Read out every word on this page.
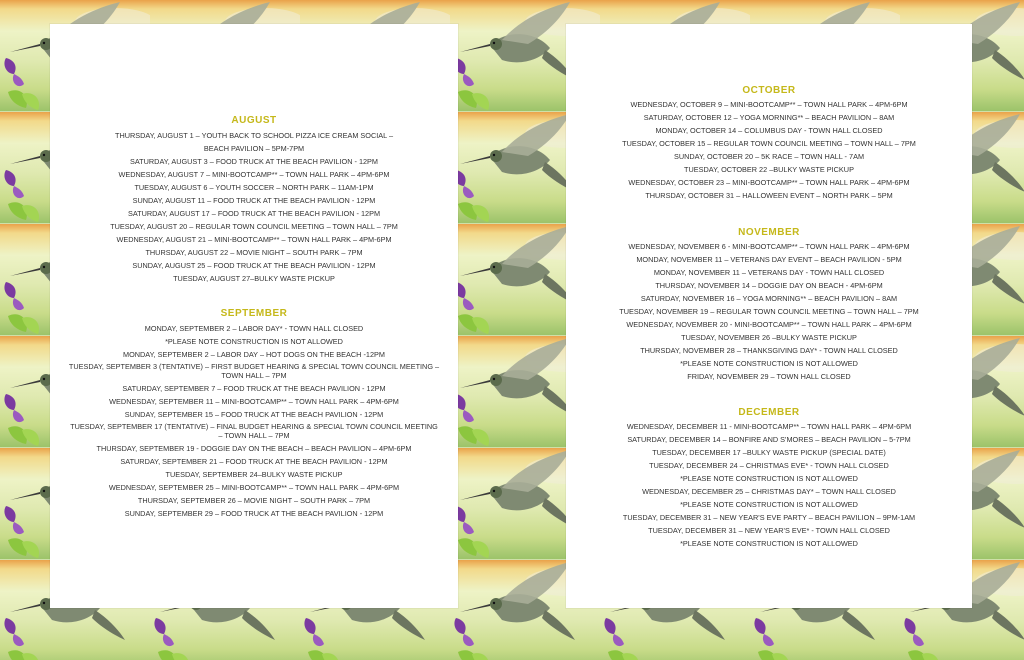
AUGUST

THURSDAY, AUGUST 1 – YOUTH BACK TO SCHOOL PIZZA ICE CREAM SOCIAL –

BEACH PAVILION – 5PM-7PM

SATURDAY, AUGUST 3 – FOOD TRUCK AT THE BEACH PAVILION - 12PM

WEDNESDAY, AUGUST 7 – MINI-BOOTCAMP** – TOWN HALL PARK – 4PM-6PM

TUESDAY, AUGUST 6 – YOUTH SOCCER – NORTH PARK – 11AM-1PM

SUNDAY, AUGUST 11 – FOOD TRUCK AT THE BEACH PAVILION - 12PM

SATURDAY, AUGUST 17 – FOOD TRUCK AT THE BEACH PAVILION - 12PM

TUESDAY, AUGUST 20 – REGULAR TOWN COUNCIL MEETING – TOWN HALL – 7PM

WEDNESDAY, AUGUST 21 – MINI-BOOTCAMP** – TOWN HALL PARK – 4PM-6PM

THURSDAY, AUGUST 22 – MOVIE NIGHT – SOUTH PARK – 7PM

SUNDAY, AUGUST 25 – FOOD TRUCK AT THE BEACH PAVILION - 12PM

TUESDAY, AUGUST 27–BULKY WASTE PICKUP

SEPTEMBER

MONDAY, SEPTEMBER 2 – LABOR DAY* - TOWN HALL CLOSED

*PLEASE NOTE CONSTRUCTION IS NOT ALLOWED

MONDAY, SEPTEMBER 2 – LABOR DAY – HOT DOGS ON THE BEACH -12PM

TUESDAY, SEPTEMBER 3 (TENTATIVE) – FIRST BUDGET HEARING & SPECIAL TOWN COUNCIL MEETING – TOWN HALL – 7PM

SATURDAY, SEPTEMBER 7 – FOOD TRUCK AT THE BEACH PAVILION - 12PM

WEDNESDAY, SEPTEMBER 11 – MINI-BOOTCAMP** – TOWN HALL PARK – 4PM-6PM

SUNDAY, SEPTEMBER 15 – FOOD TRUCK AT THE BEACH PAVILION - 12PM

TUESDAY, SEPTEMBER 17 (TENTATIVE) – FINAL BUDGET HEARING & SPECIAL TOWN COUNCIL MEETING – TOWN HALL – 7PM

THURSDAY, SEPTEMBER 19 - DOGGIE DAY ON THE BEACH – BEACH PAVILION – 4PM-6PM

SATURDAY, SEPTEMBER 21 – FOOD TRUCK AT THE BEACH PAVILION - 12PM

TUESDAY, SEPTEMBER 24–BULKY WASTE PICKUP

WEDNESDAY, SEPTEMBER 25 – MINI-BOOTCAMP** – TOWN HALL PARK – 4PM-6PM

THURSDAY, SEPTEMBER 26 – MOVIE NIGHT – SOUTH PARK – 7PM

SUNDAY, SEPTEMBER 29 – FOOD TRUCK AT THE BEACH PAVILION - 12PM

OCTOBER

WEDNESDAY, OCTOBER 9 – MINI-BOOTCAMP** – TOWN HALL PARK – 4PM-6PM

SATURDAY, OCTOBER 12 – YOGA MORNING** – BEACH PAVILION – 8AM

MONDAY, OCTOBER 14 – COLUMBUS DAY - TOWN HALL CLOSED

TUESDAY, OCTOBER 15 – REGULAR TOWN COUNCIL MEETING – TOWN HALL – 7PM

SUNDAY, OCTOBER 20 – 5K RACE – TOWN HALL - 7AM

TUESDAY, OCTOBER 22 –BULKY WASTE PICKUP

WEDNESDAY, OCTOBER 23 – MINI-BOOTCAMP** – TOWN HALL PARK – 4PM-6PM

THURSDAY, OCTOBER 31 – HALLOWEEN EVENT – NORTH PARK – 5PM

NOVEMBER

WEDNESDAY, NOVEMBER 6 - MINI-BOOTCAMP** – TOWN HALL PARK – 4PM-6PM

MONDAY, NOVEMBER 11 – VETERANS DAY EVENT – BEACH PAVILION - 5PM

MONDAY, NOVEMBER 11 – VETERANS DAY - TOWN HALL CLOSED

THURSDAY, NOVEMBER 14 – DOGGIE DAY ON BEACH - 4PM-6PM

SATURDAY, NOVEMBER 16 – YOGA MORNING** – BEACH PAVILION – 8AM

TUESDAY, NOVEMBER 19 – REGULAR TOWN COUNCIL MEETING – TOWN HALL – 7PM

WEDNESDAY, NOVEMBER 20 - MINI-BOOTCAMP** – TOWN HALL PARK – 4PM-6PM

TUESDAY, NOVEMBER 26 –BULKY WASTE PICKUP

THURSDAY, NOVEMBER 28 – THANKSGIVING DAY* - TOWN HALL CLOSED

*PLEASE NOTE CONSTRUCTION IS NOT ALLOWED

FRIDAY, NOVEMBER 29 – TOWN HALL CLOSED

DECEMBER

WEDNESDAY, DECEMBER 11 - MINI-BOOTCAMP** – TOWN HALL PARK – 4PM-6PM

SATURDAY, DECEMBER 14 – BONFIRE AND S'MORES – BEACH PAVILION – 5-7PM

TUESDAY, DECEMBER 17 –BULKY WASTE PICKUP (SPECIAL DATE)

TUESDAY, DECEMBER 24 – CHRISTMAS EVE* - TOWN HALL CLOSED

*PLEASE NOTE CONSTRUCTION IS NOT ALLOWED

WEDNESDAY, DECEMBER 25 – CHRISTMAS DAY* – TOWN HALL CLOSED

*PLEASE NOTE CONSTRUCTION IS NOT ALLOWED

TUESDAY, DECEMBER 31 – NEW YEAR'S EVE PARTY – BEACH PAVILION – 9PM-1AM

TUESDAY, DECEMBER 31 – NEW YEAR'S EVE* - TOWN HALL CLOSED

*PLEASE NOTE CONSTRUCTION IS NOT ALLOWED
